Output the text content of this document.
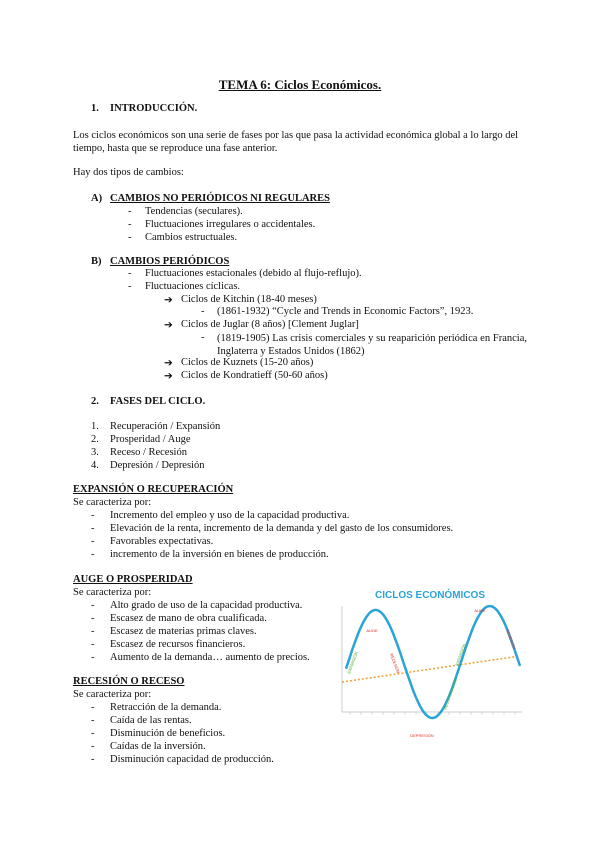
TEMA 6: Ciclos Económicos.
1. INTRODUCCIÓN.
Los ciclos económicos son una serie de fases por las que pasa la actividad económica global a lo largo del tiempo, hasta que se reproduce una fase anterior.
Hay dos tipos de cambios:
A) CAMBIOS NO PERIÓDICOS NI REGULARES
- Tendencias (seculares).
- Fluctuaciones irregulares o accidentales.
- Cambios estructuales.
B) CAMBIOS PERIÓDICOS
- Fluctuaciones estacionales (debido al flujo-reflujo).
- Fluctuaciones cíclicas.
➔ Ciclos de Kitchin (18-40 meses)
- (1861-1932) “Cycle and Trends in Economic Factors”, 1923.
➔ Ciclos de Juglar (8 años) [Clement Juglar]
- (1819-1905) Las crisis comerciales y su reaparición periódica en Francia, Inglaterra y Estados Unidos (1862)
➔ Ciclos de Kuznets (15-20 años)
➔ Ciclos de Kondratieff (50-60 años)
2. FASES DEL CICLO.
1. Recuperación / Expansión
2. Prosperidad / Auge
3. Receso / Recesión
4. Depresión / Depresión
EXPANSIÓN O RECUPERACIÓN
Se caracteriza por:
- Incremento del empleo y uso de la capacidad productiva.
- Elevación de la renta, incremento de la demanda y del gasto de los consumidores.
- Favorables expectativas.
- incremento de la inversión en bienes de producción.
AUGE O PROSPERIDAD
Se caracteriza por:
- Alto grado de uso de la capacidad productiva.
- Escasez de mano de obra cualificada.
- Escasez de materias primas claves.
- Escasez de recursos financieros.
- Aumento de la demanda… aumento de precios.
RECESIÓN O RECESO
Se caracteriza por:
- Retracción de la demanda.
- Caída de las rentas.
- Disminución de beneficios.
- Caídas de la inversión.
- Disminución capacidad de producción.
CICLOS ECONÓMICOS
AUGE
AUGE
DEPRESIÓN
RECESIÓN
RECESIÓN
EXPANSIÓN	EXPANSIÓN
RECUPERACIÓN
